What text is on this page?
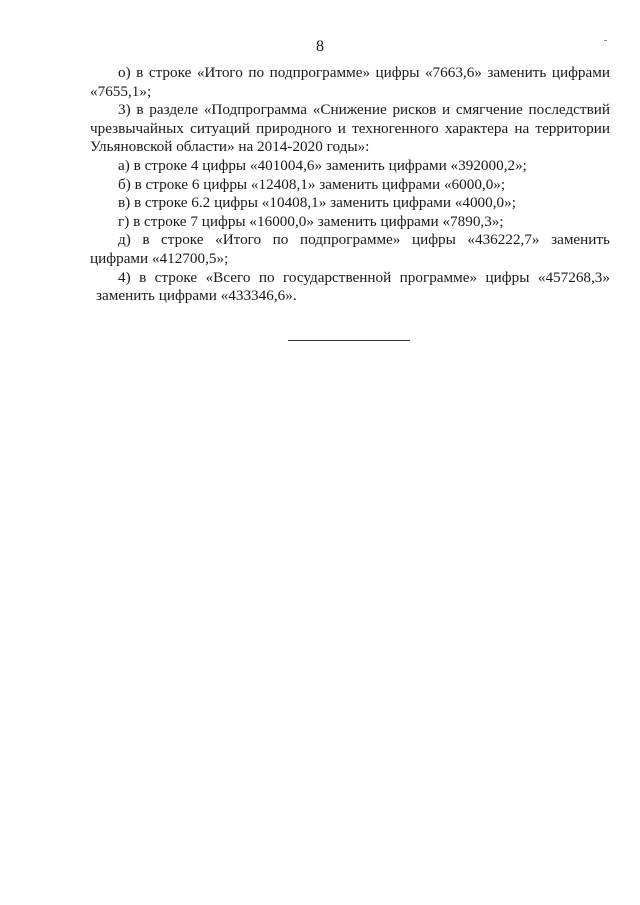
8

о) в строке «Итого по подпрограмме» цифры «7663,6» заменить цифрами

«7655,1»;

3) в разделе «Подпрограмма «Снижение рисков и смягчение последствий

чрезвычайных ситуаций природного и техногенного характера на территории

Ульяновской области» на 2014-2020 годы»:

а) в строке 4 цифры «401004,6» заменить цифрами «392000,2»;

б) в строке 6 цифры «12408,1» заменить цифрами «6000,0»;

в) в строке 6.2 цифры «10408,1» заменить цифрами «4000,0»;

г) в строке 7 цифры «16000,0» заменить цифрами «7890,3»;

д) в строке «Итого по подпрограмме» цифры «436222,7» заменить

цифрами «412700,5»;

4) в строке «Всего по государственной программе» цифры «457268,3»

заменить цифрами «433346,6».
